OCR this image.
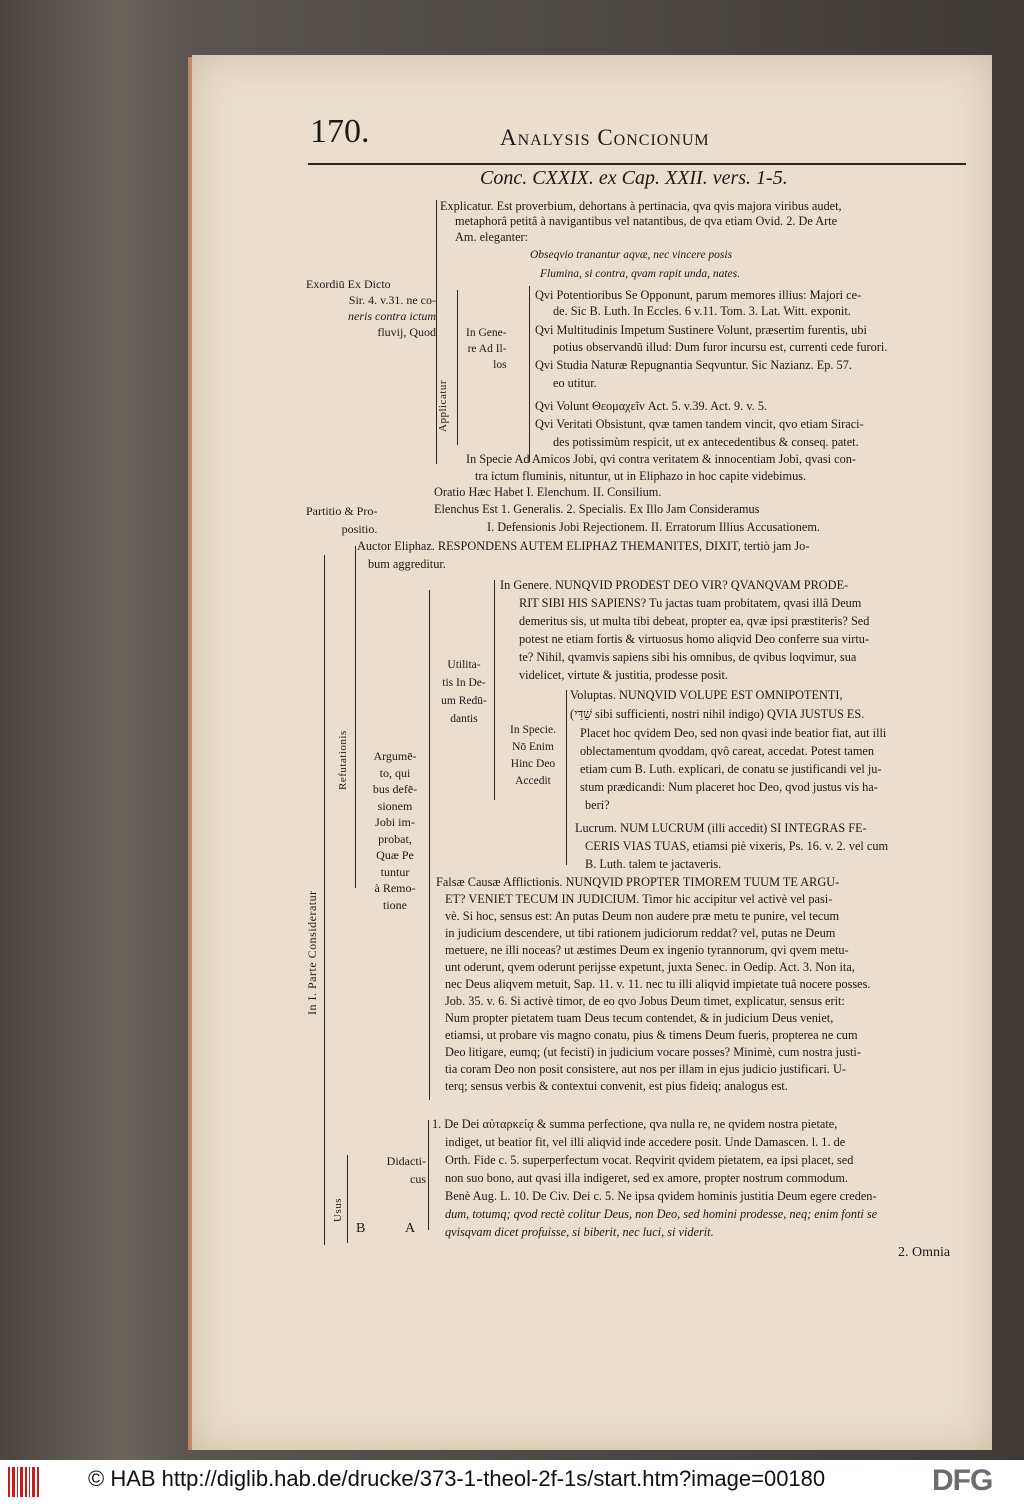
170.	Analysis Concionum
Conc. CXXIX. ex Cap. XXII. vers. 1-5.
Exordiū Ex Dicto
Sir. 4. v.31. ne co-
neris contra ictum
fluvij, Quod
Applicatur
In Gene-
re Ad Il-
los
Partitio & Pro-
positio.
In I. Parte Consideratur
Refutationis	Argumē-
to, qui
bus defē-
sionem
Jobi im-
probat,
Quæ Pe
tuntur
à Remo-
tione
Utilita-
tis In De-
um Redū-
dantis
In Specie.
Nō Enim
Hinc Deo
Accedit
Usus
Didacti-
cus
B	A
Explicatur. Est proverbium, dehortans à pertinacia, qva qvis majora viribus audet,
metaphorâ petitâ à navigantibus vel natantibus, de qva etiam Ovid. 2. De Arte
Am. eleganter:
Obseqvio tranantur aqvæ, nec vincere posis
Flumina, si contra, qvam rapit unda, nates.
Qvi Potentioribus Se Opponunt, parum memores illius: Majori ce-
de. Sic B. Luth. In Eccles. 6 v.11. Tom. 3. Lat. Witt. exponit.
Qvi Multitudinis Impetum Sustinere Volunt, præsertim furentis, ubi
potius observandū illud: Dum furor incursu est, currenti cede furori.
Qvi Studia Naturæ Repugnantia Seqvuntur. Sic Nazianz. Ep. 57.
eo utitur.
Qvi Volunt Θεομαχεῖν Act. 5. v.39. Act. 9. v. 5.
Qvi Veritati Obsistunt, qvæ tamen tandem vincit, qvo etiam Siraci-
des potissimùm respicit, ut ex antecedentibus & conseq. patet.
In Specie Ad Amicos Jobi, qvi contra veritatem & innocentiam Jobi, qvasi con-
tra ictum fluminis, nituntur, ut in Eliphazo in hoc capite videbimus.
Oratio Hæc Habet I. Elenchum. II. Consilium.
Elenchus Est 1. Generalis. 2. Specialis. Ex Illo Jam Consideramus
I. Defensionis Jobi Rejectionem. II. Erratorum Illius Accusationem.
Auctor Eliphaz. RESPONDENS AUTEM ELIPHAZ THEMANITES, DIXIT, tertiò jam Jo-
bum aggreditur.
In Genere. NUNQVID PRODEST DEO VIR? QVANQVAM PRODE-
RIT SIBI HIS SAPIENS? Tu jactas tuam probitatem, qvasi illâ Deum
demeritus sis, ut multa tibi debeat, propter ea, qvæ ipsi præstiteris? Sed
potest ne etiam fortis & virtuosus homo aliqvid Deo conferre sua virtu-
te? Nihil, qvamvis sapiens sibi his omnibus, de qvibus loqvimur, sua
videlicet, virtute & justitia, prodesse posit.
Voluptas. NUNQVID VOLUPE EST OMNIPOTENTI,
(שַׁדַּי sibi sufficienti, nostri nihil indigo) QVIA JUSTUS ES.
Placet hoc qvidem Deo, sed non qvasi inde beatior fiat, aut illi
oblectamentum qvoddam, qvô careat, accedat. Potest tamen
etiam cum B. Luth. explicari, de conatu se justificandi vel ju-
stum prædicandi: Num placeret hoc Deo, qvod justus vis ha-
beri?
Lucrum. NUM LUCRUM (illi accedit) SI INTEGRAS FE-
CERIS VIAS TUAS, etiamsi piè vixeris, Ps. 16. v. 2. vel cum
B. Luth. talem te jactaveris.
Falsæ Causæ Afflictionis. NUNQVID PROPTER TIMOREM TUUM TE ARGU-
ET? VENIET TECUM IN JUDICIUM. Timor hic accipitur vel activè vel pasi-
vè. Si hoc, sensus est: An putas Deum non audere præ metu te punire, vel tecum
in judicium descendere, ut tibi rationem judiciorum reddat? vel, putas ne Deum
metuere, ne illi noceas? ut æstimes Deum ex ingenio tyrannorum, qvi qvem metu-
unt oderunt, qvem oderunt perijsse expetunt, juxta Senec. in Oedip. Act. 3. Non ita,
nec Deus aliqvem metuit, Sap. 11. v. 11. nec tu illi aliqvid impietate tuâ nocere posses.
Job. 35. v. 6. Si activè timor, de eo qvo Jobus Deum timet, explicatur, sensus erit:
Num propter pietatem tuam Deus tecum contendet, & in judicium Deus veniet,
etiamsi, ut probare vis magno conatu, pius & timens Deum fueris, propterea ne cum
Deo litigare, eumq; (ut fecisti) in judicium vocare posses? Minimè, cum nostra justi-
tia coram Deo non posit consistere, aut nos per illam in ejus judicio justificari. U-
terq; sensus verbis & contextui convenit, est pius fideiq; analogus est.
1. De Dei αὐταρκείᾳ & summa perfectione, qva nulla re, ne qvidem nostra pietate,
indiget, ut beatior fit, vel illi aliqvid inde accedere posit. Unde Damascen. l. 1. de
Orth. Fide c. 5. superperfectum vocat. Reqvirit qvidem pietatem, ea ipsi placet, sed
non suo bono, aut qvasi illa indigeret, sed ex amore, propter nostrum commodum.
Benè Aug. L. 10. De Civ. Dei c. 5. Ne ipsa qvidem hominis justitia Deum egere creden-
dum, totumq; qvod rectè colitur Deus, non Deo, sed homini prodesse, neq; enim fonti se
qvisqvam dicet profuisse, si biberit, nec luci, si viderit.
2. Omnia
© HAB http://diglib.hab.de/drucke/373-1-theol-2f-1s/start.htm?image=00180	DFG
